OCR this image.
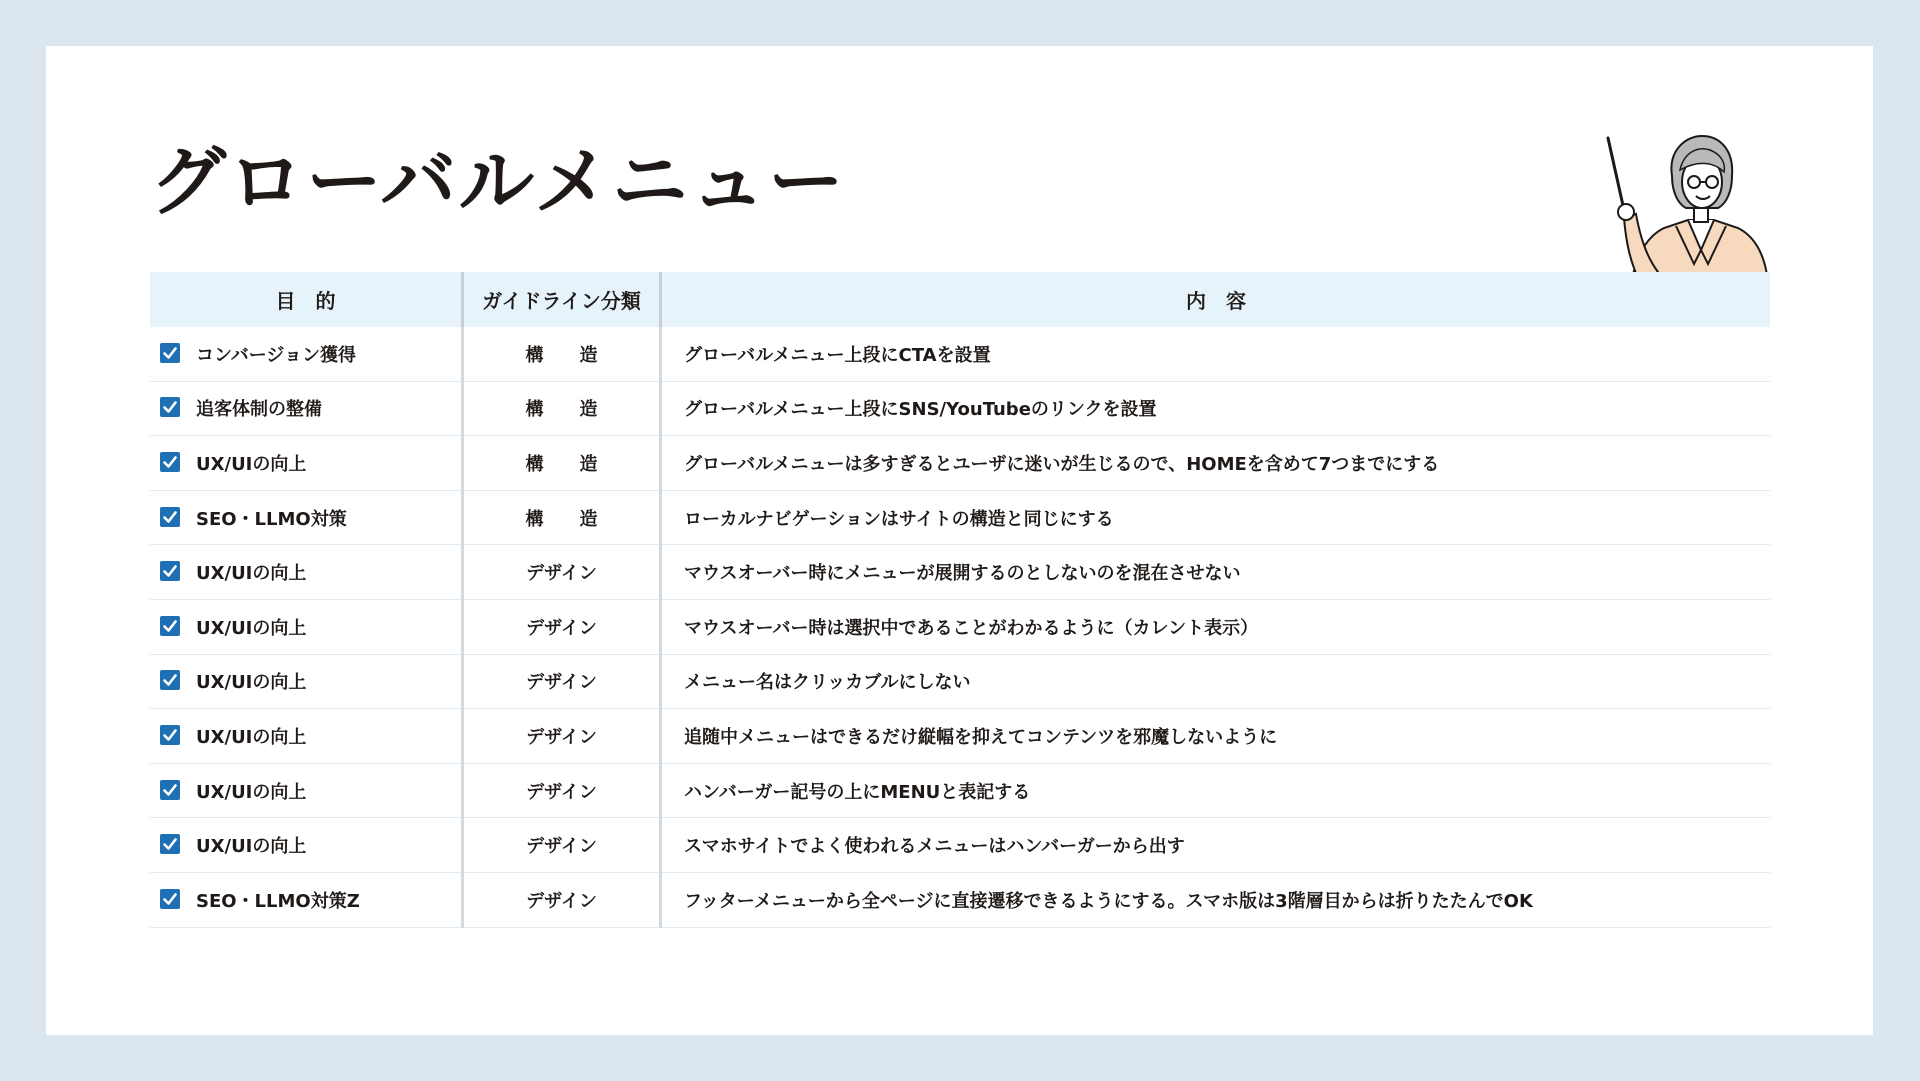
グローバルメニュー
目　的	ガイドライン分類	内　容

コンバージョン獲得	構　　造	グローバルメニュー上段にCTAを設置

追客体制の整備	構　　造	グローバルメニュー上段にSNS/YouTubeのリンクを設置

UX/UIの向上	構　　造	グローバルメニューは多すぎるとユーザに迷いが生じるので、HOMEを含めて7つまでにする

SEO・LLMO対策	構　　造	ローカルナビゲーションはサイトの構造と同じにする

UX/UIの向上	デザイン	マウスオーバー時にメニューが展開するのとしないのを混在させない

UX/UIの向上	デザイン	マウスオーバー時は選択中であることがわかるように（カレント表示）

UX/UIの向上	デザイン	メニュー名はクリッカブルにしない

UX/UIの向上	デザイン	追随中メニューはできるだけ縦幅を抑えてコンテンツを邪魔しないように

UX/UIの向上	デザイン	ハンバーガー記号の上にMENUと表記する

UX/UIの向上	デザイン	スマホサイトでよく使われるメニューはハンバーガーから出す

SEO・LLMO対策Z	デザイン	フッターメニューから全ページに直接遷移できるようにする。スマホ版は3階層目からは折りたたんでOK
